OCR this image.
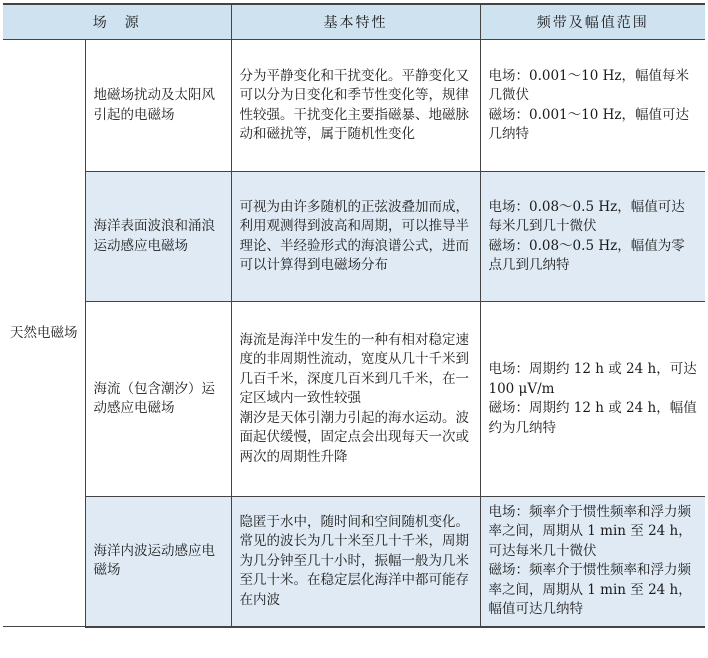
场　源		基本特性	频带及幅值范围
天然电磁场	地磁场扰动及太阳风引起的电磁场	分为平静变化和干扰变化。平静变化又可以分为日变化和季节性变化等，规律性较强。干扰变化主要指磁暴、地磁脉动和磁扰等，属于随机性变化	电场：0.001～10 Hz，幅值每米几微伏
磁场：0.001～10 Hz，幅值可达几纳特

	海洋表面波浪和涌浪运动感应电磁场	可视为由许多随机的正弦波叠加而成，利用观测得到波高和周期，可以推导半理论、半经验形式的海浪谱公式，进而可以计算得到电磁场分布	电场：0.08～0.5 Hz，幅值可达每米几到几十微伏
磁场：0.08～0.5 Hz，幅值为零点几到几纳特

	海流（包含潮汐）运动感应电磁场	海流是海洋中发生的一种有相对稳定速度的非周期性流动，宽度从几十千米到几百千米，深度几百米到几千米，在一定区域内一致性较强
潮汐是天体引潮力引起的海水运动。波面起伏缓慢，固定点会出现每天一次或两次的周期性升降	电场：周期约 12 h 或 24 h，可达 100 μV/m
磁场：周期约 12 h 或 24 h，幅值约为几纳特

	海洋内波运动感应电磁场	隐匿于水中，随时间和空间随机变化。常见的波长为几十米至几十千米，周期为几分钟至几十小时，振幅一般为几米至几十米。在稳定层化海洋中都可能存在内波	电场：频率介于惯性频率和浮力频率之间，周期从 1 min 至 24 h，可达每米几十微伏
磁场：频率介于惯性频率和浮力频率之间，周期从 1 min 至 24 h，幅值可达几纳特
